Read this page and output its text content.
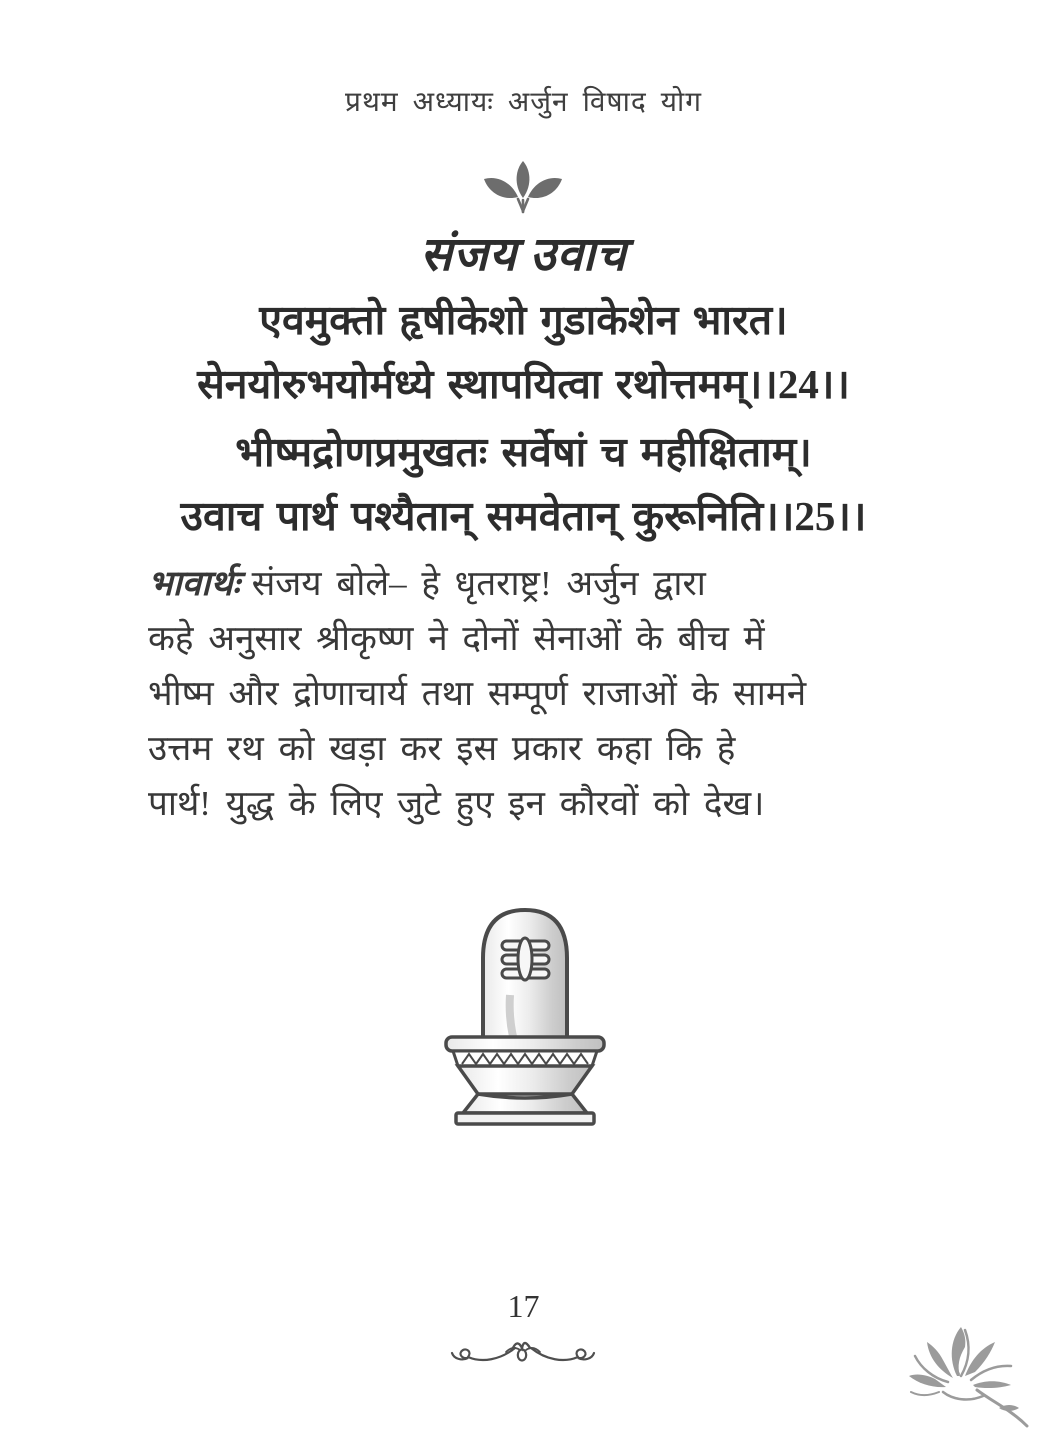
प्रथम अध्यायः अर्जुन विषाद योग
संजय उवाच
एवमुक्तो हृषीकेशो गुडाकेशेन भारत।
सेनयोरुभयोर्मध्ये स्थापयित्वा रथोत्तमम्।।24।।
भीष्मद्रोणप्रमुखतः सर्वेषां च महीक्षिताम्।
उवाच पार्थ पश्यैतान् समवेतान् कुरूनिति।।25।।
भावार्थः संजय बोले– हे धृतराष्ट्र! अर्जुन द्वारा
कहे अनुसार श्रीकृष्ण ने दोनों सेनाओं के बीच में
भीष्म और द्रोणाचार्य तथा सम्पूर्ण राजाओं के सामने
उत्तम रथ को खड़ा कर इस प्रकार कहा कि हे
पार्थ! युद्ध के लिए जुटे हुए इन कौरवों को देख।
17
